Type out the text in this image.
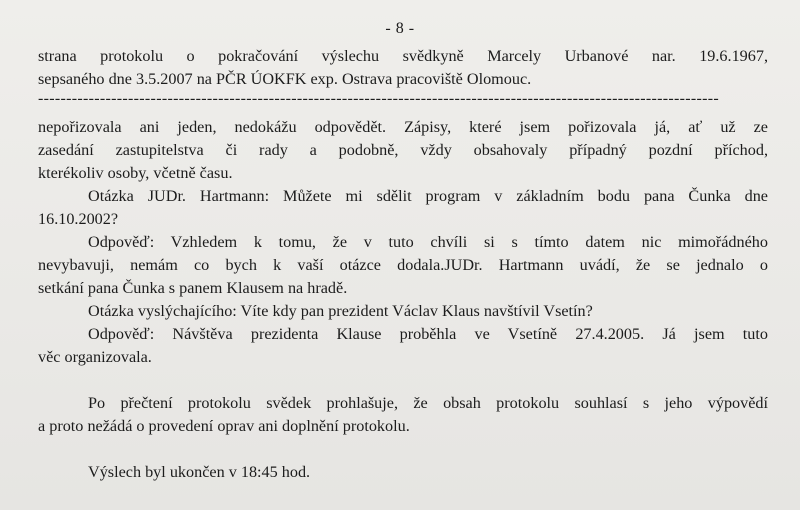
- 8 -
strana protokolu o pokračování výslechu svědkyně Marcely Urbanové nar. 19.6.1967,
sepsaného dne 3.5.2007 na PČR ÚOKFK exp. Ostrava pracoviště Olomouc.
-------------------------------------------------------------------------------------------------------------------------
nepořizovala ani jeden, nedokážu odpovědět. Zápisy, které jsem pořizovala já, ať už ze
zasedání zastupitelstva či rady a podobně, vždy obsahovaly případný pozdní příchod,
kterékoliv osoby, včetně času.
Otázka JUDr. Hartmann: Můžete mi sdělit program v základním bodu pana Čunka dne
16.10.2002?
Odpověď: Vzhledem k tomu, že v tuto chvíli si s tímto datem nic mimořádného
nevybavuji, nemám co bych k vaší otázce dodala.JUDr. Hartmann uvádí, že se jednalo o
setkání pana Čunka s panem Klausem na hradě.
Otázka vyslýchajícího: Víte kdy pan prezident Václav Klaus navštívil Vsetín?
Odpověď: Návštěva prezidenta Klause proběhla ve Vsetíně 27.4.2005. Já jsem tuto
věc organizovala.
Po přečtení protokolu svědek prohlašuje, že obsah protokolu souhlasí s jeho výpovědí
a proto nežádá o provedení oprav ani doplnění protokolu.
Výslech byl ukončen v 18:45 hod.
